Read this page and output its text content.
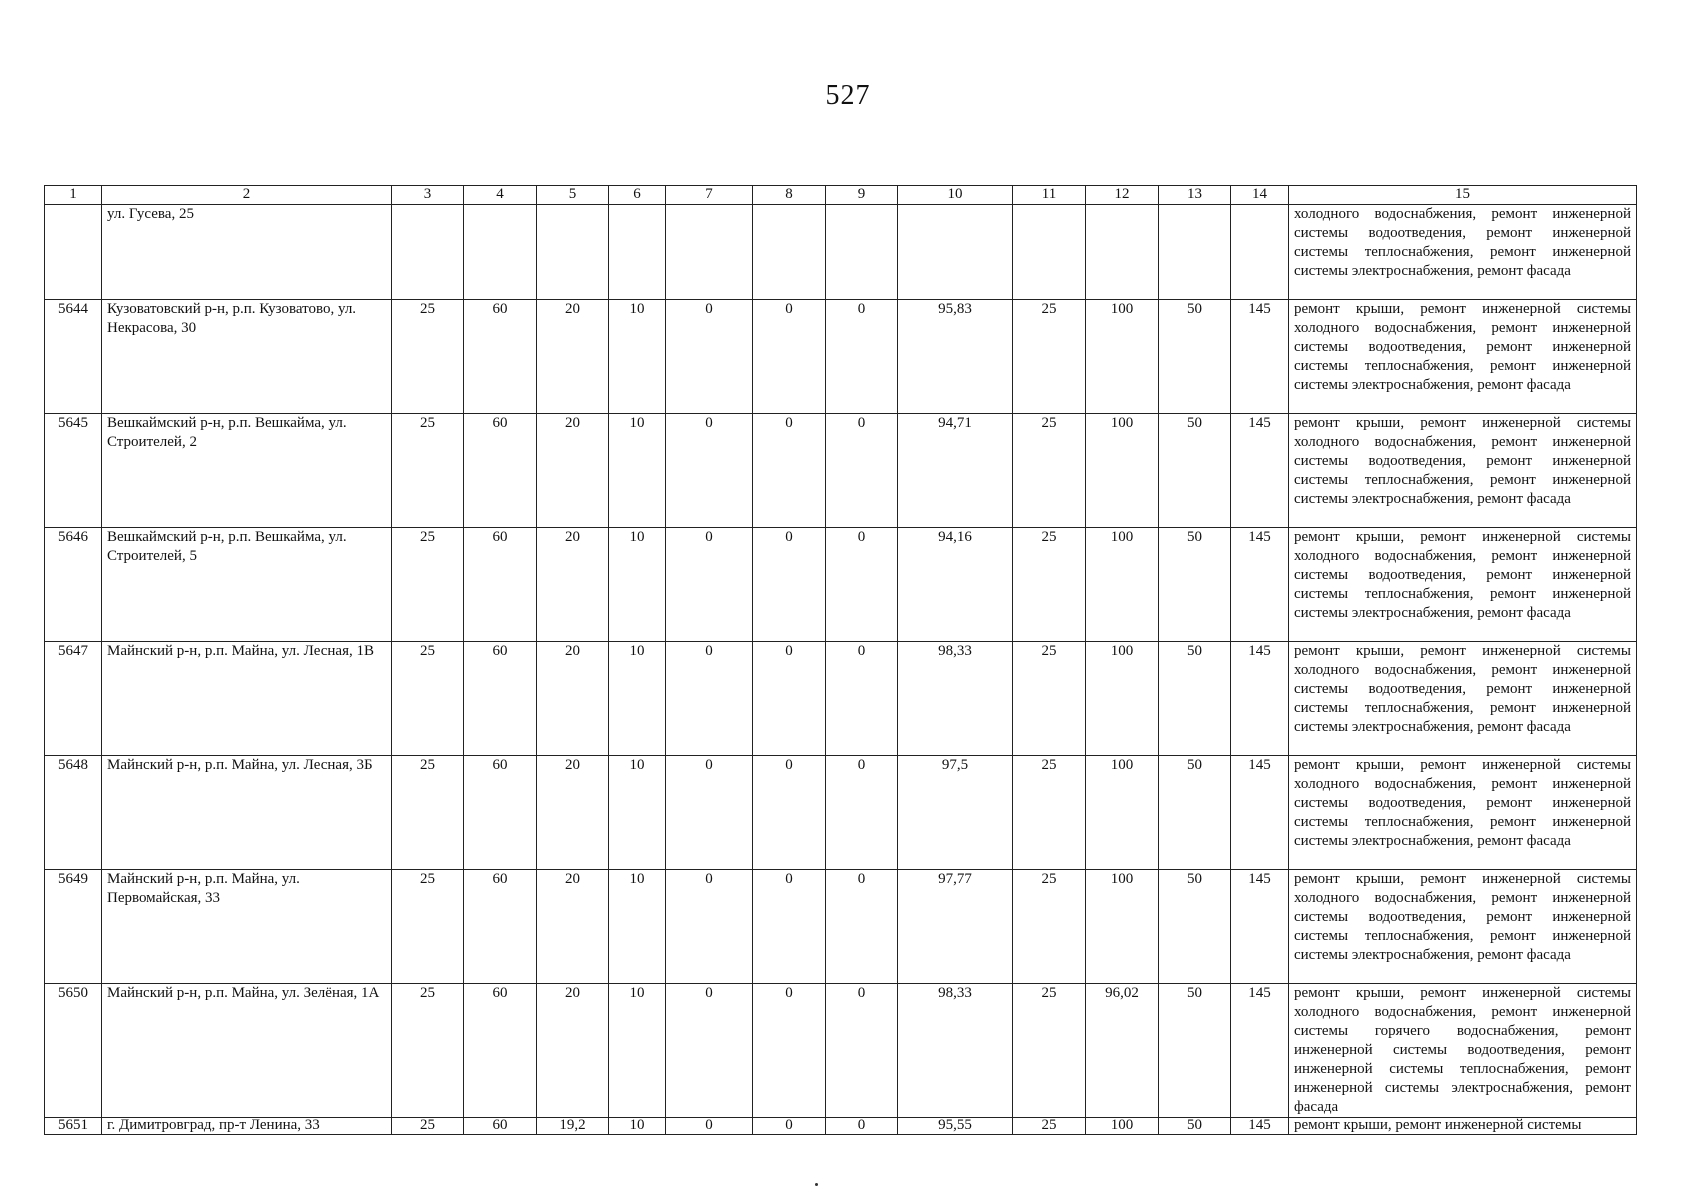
527
1	2	3	4	5	6	7	8	9	10	11	12	13	14	15
	ул. Гусева, 25													холодного водоснабжения, ремонт инженерной системы водоотведения, ремонт инженерной системы теплоснабжения, ремонт инженерной системы электроснабжения, ремонт фасада
5644	Кузоватовский р-н, р.п. Кузоватово, ул. Некрасова, 30	25	60	20	10	0	0	0	95,83	25	100	50	145	ремонт крыши, ремонт инженерной системы холодного водоснабжения, ремонт инженерной системы водоотведения, ремонт инженерной системы теплоснабжения, ремонт инженерной системы электроснабжения, ремонт фасада
5645	Вешкаймский р-н, р.п. Вешкайма, ул. Строителей, 2	25	60	20	10	0	0	0	94,71	25	100	50	145	ремонт крыши, ремонт инженерной системы холодного водоснабжения, ремонт инженерной системы водоотведения, ремонт инженерной системы теплоснабжения, ремонт инженерной системы электроснабжения, ремонт фасада
5646	Вешкаймский р-н, р.п. Вешкайма, ул. Строителей, 5	25	60	20	10	0	0	0	94,16	25	100	50	145	ремонт крыши, ремонт инженерной системы холодного водоснабжения, ремонт инженерной системы водоотведения, ремонт инженерной системы теплоснабжения, ремонт инженерной системы электроснабжения, ремонт фасада
5647	Майнский р-н, р.п. Майна, ул. Лесная, 1В	25	60	20	10	0	0	0	98,33	25	100	50	145	ремонт крыши, ремонт инженерной системы холодного водоснабжения, ремонт инженерной системы водоотведения, ремонт инженерной системы теплоснабжения, ремонт инженерной системы электроснабжения, ремонт фасада
5648	Майнский р-н, р.п. Майна, ул. Лесная, 3Б	25	60	20	10	0	0	0	97,5	25	100	50	145	ремонт крыши, ремонт инженерной системы холодного водоснабжения, ремонт инженерной системы водоотведения, ремонт инженерной системы теплоснабжения, ремонт инженерной системы электроснабжения, ремонт фасада
5649	Майнский р-н, р.п. Майна, ул. Первомайская, 33	25	60	20	10	0	0	0	97,77	25	100	50	145	ремонт крыши, ремонт инженерной системы холодного водоснабжения, ремонт инженерной системы водоотведения, ремонт инженерной системы теплоснабжения, ремонт инженерной системы электроснабжения, ремонт фасада
5650	Майнский р-н, р.п. Майна, ул. Зелёная, 1А	25	60	20	10	0	0	0	98,33	25	96,02	50	145	ремонт крыши, ремонт инженерной системы холодного водоснабжения, ремонт инженерной системы горячего водоснабжения, ремонт инженерной системы водоотведения, ремонт инженерной системы теплоснабжения, ремонт инженерной системы электроснабжения, ремонт фасада
5651	г. Димитровград, пр-т Ленина, 33	25	60	19,2	10	0	0	0	95,55	25	100	50	145	ремонт крыши, ремонт инженерной системы
